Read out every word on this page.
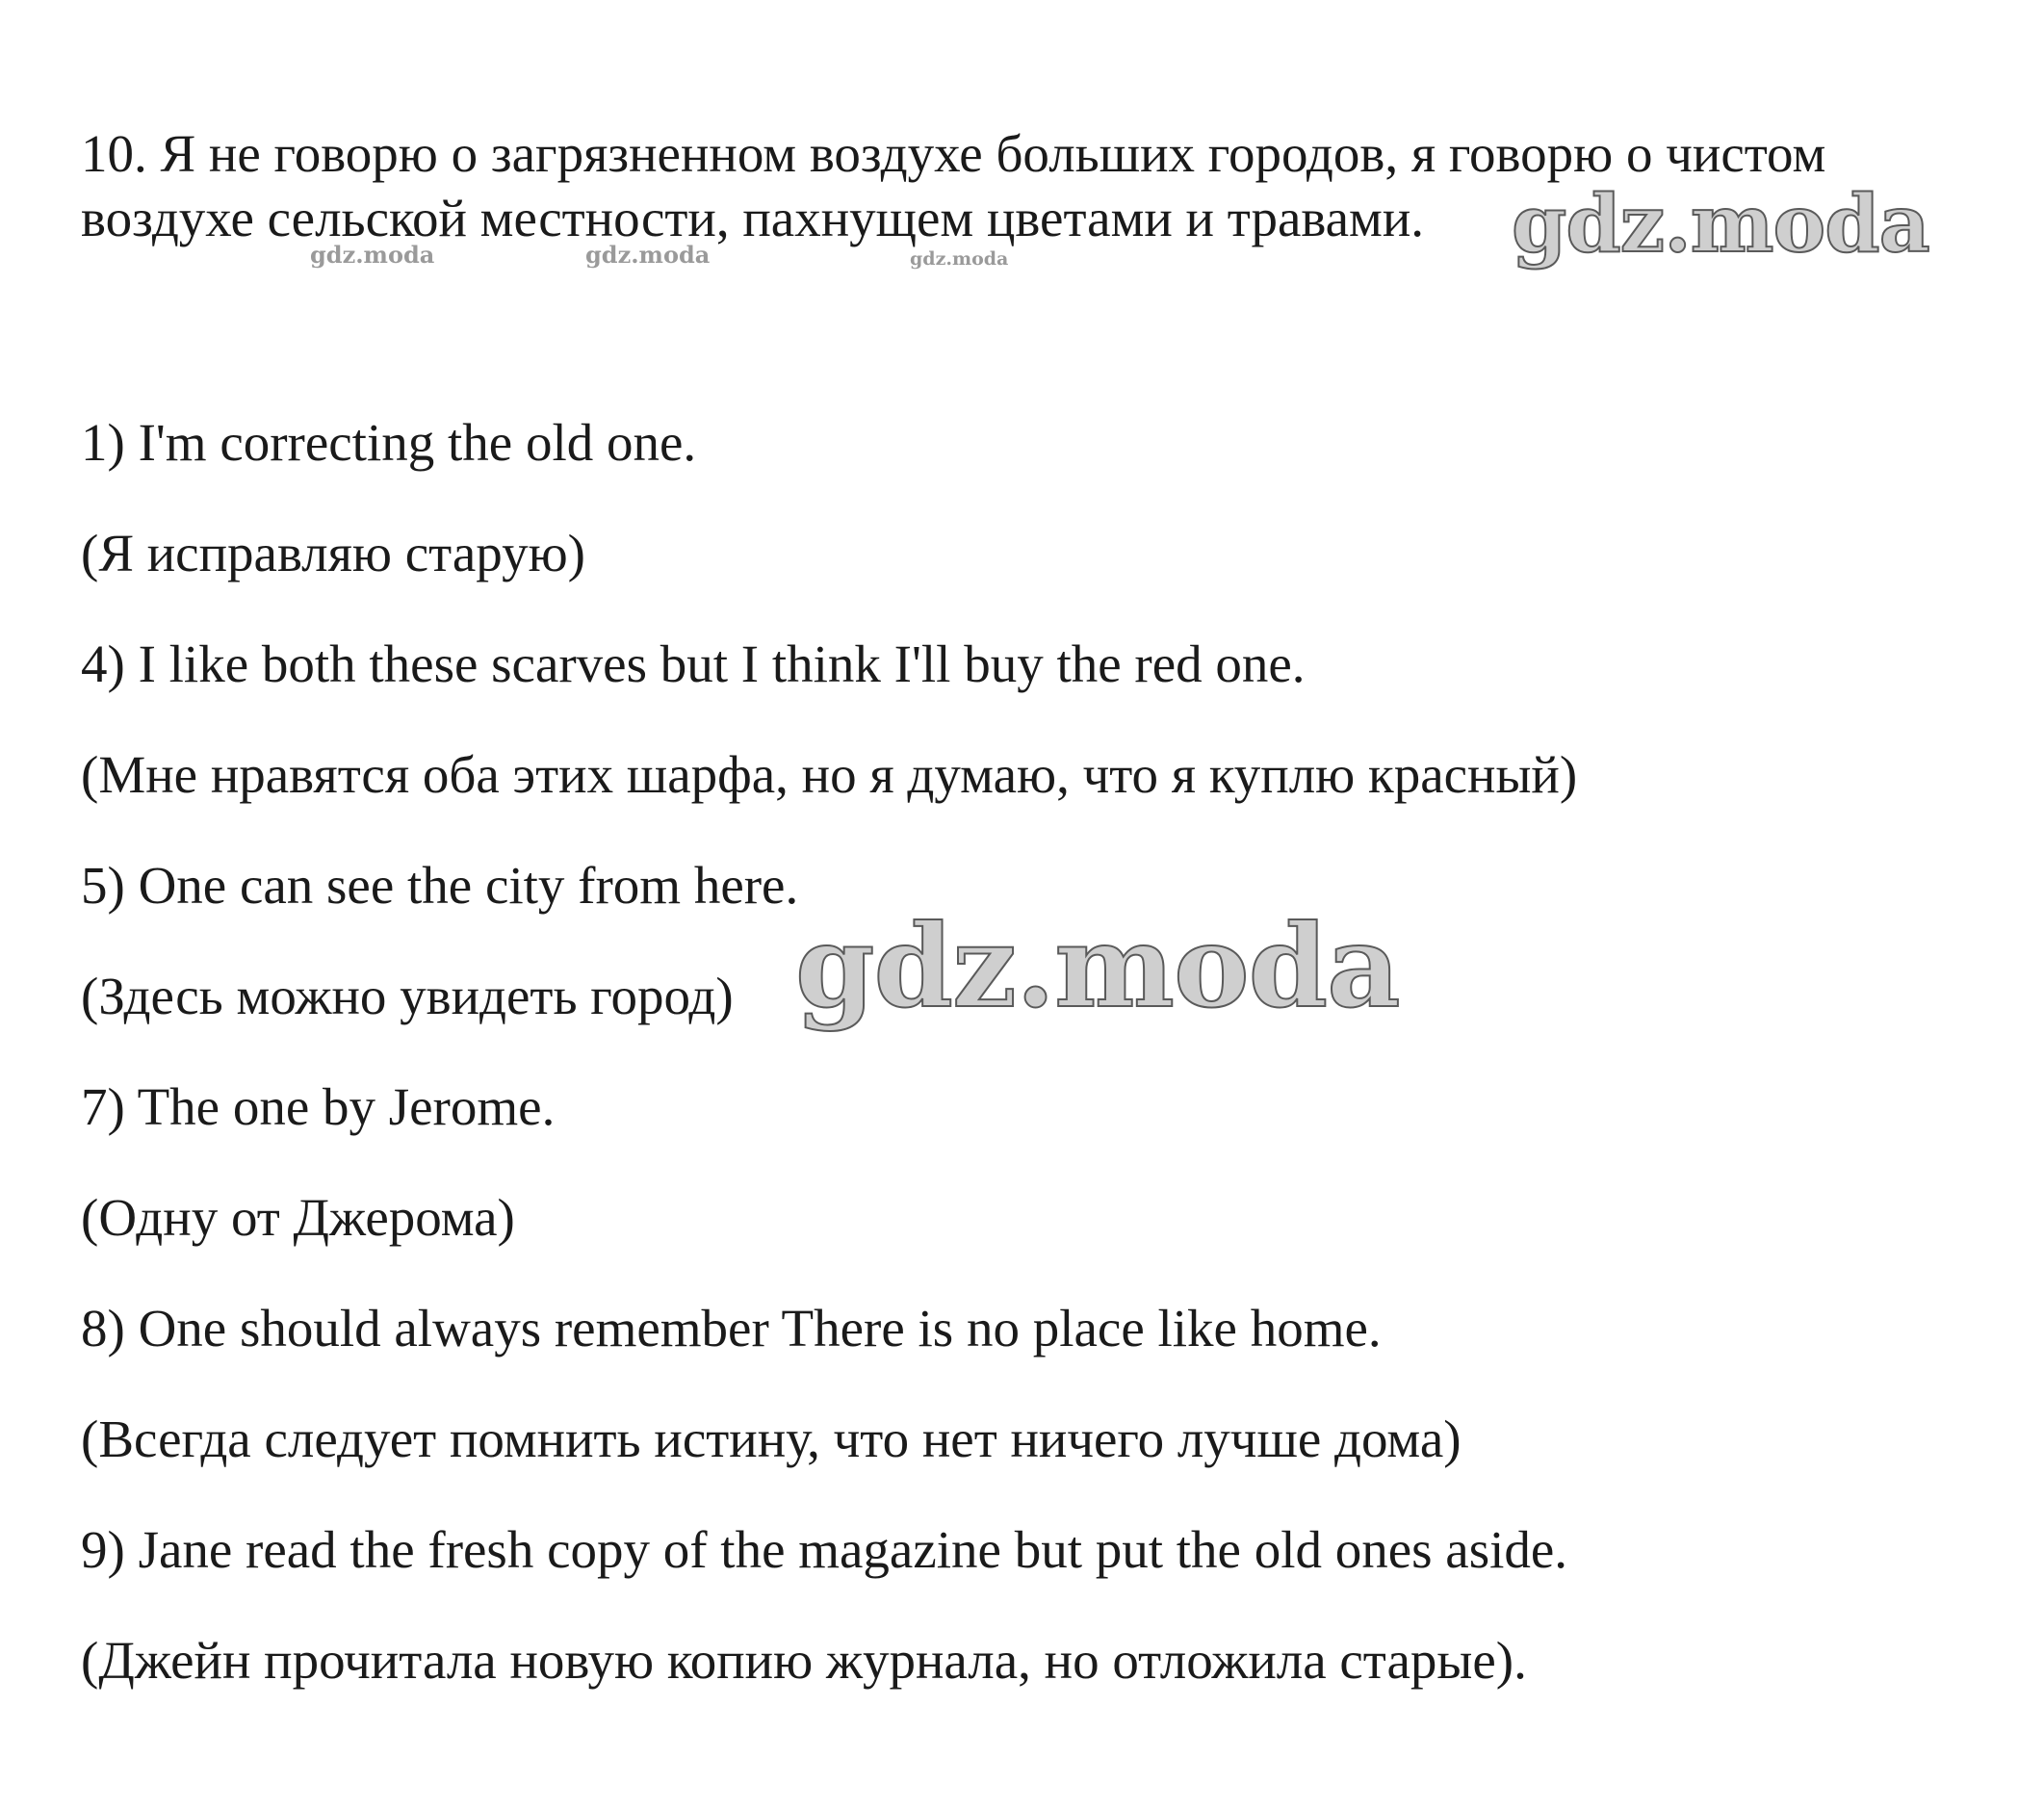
10. Я не говорю о загрязненном воздухе больших городов, я говорю о чистом воздухе сельской местности, пахнущем цветами и травами.	gdz.moda
gdz.moda	gdz.moda	gdz.moda

1) I'm correcting the old one.

(Я исправляю старую)

4) I like both these scarves but I think I'll buy the red one.

(Мне нравятся оба этих шарфа, но я думаю, что я куплю красный)

5) One can see the city from here.

(Здесь можно увидеть город) gdz.moda

7) The one by Jerome.

(Одну от Джерома)

8) One should always remember There is no place like home.

(Всегда следует помнить истину, что нет ничего лучше дома)

9) Jane read the fresh copy of the magazine but put the old ones aside.

(Джейн прочитала новую копию журнала, но отложила старые).
